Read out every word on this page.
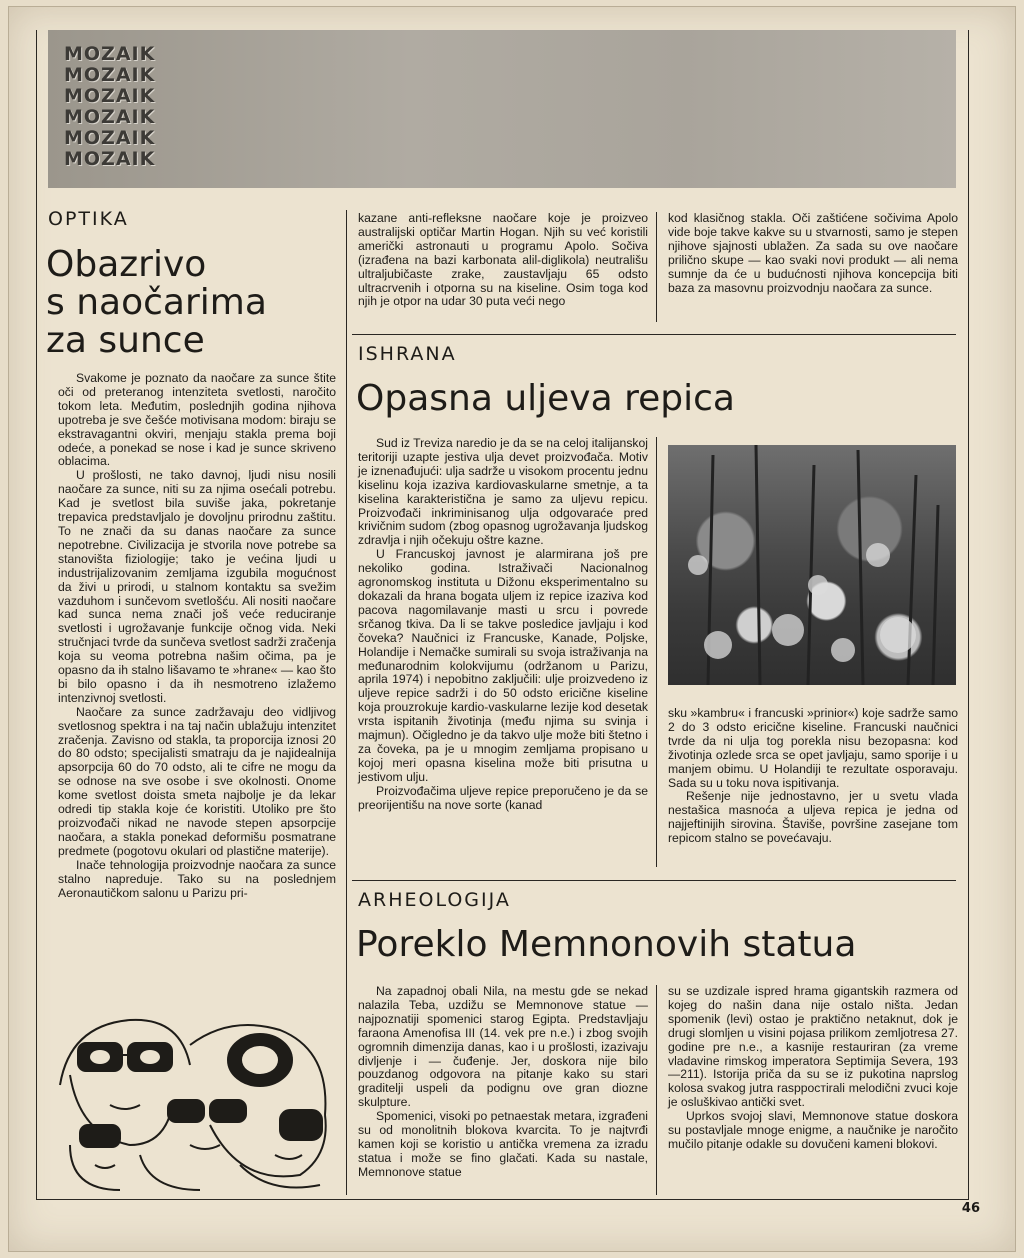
MOZAIK
MOZAIK
MOZAIK
MOZAIK
MOZAIK
MOZAIK
OPTIKA
Obazrivo
s naočarima
za sunce

Svakome je poznato da naočare za sunce štite oči od preteranog intenziteta svetlosti, naročito tokom leta. Međutim, poslednjih godina njihova upotreba je sve češće motivisana modom: biraju se ekstravagantni okviri, menjaju stakla prema boji odeće, a ponekad se nose i kad je sunce skriveno oblacima.

U prošlosti, ne tako davnoj, ljudi nisu nosili naočare za sunce, niti su za njima osećali potrebu. Kad je svetlost bila suviše jaka, pokretanje trepavica predstavljalo je dovoljnu prirodnu zaštitu. To ne znači da su danas naočare za sunce nepotrebne. Civilizacija je stvorila nove potrebe sa stanovišta fiziologije; tako je većina ljudi u industrijalizovanim zemljama izgubila mogućnost da živi u prirodi, u stalnom kontaktu sa svežim vazduhom i sunčevom svetlošću. Ali nositi naočare kad sunca nema znači još veće reduciranje svetlosti i ugrožavanje funkcije očnog vida. Neki stručnjaci tvrde da sunčeva svetlost sadrži zračenja koja su veoma potrebna našim očima, pa je opasno da ih stalno lišavamo te »hrane« — kao što bi bilo opasno i da ih nesmotreno izlažemo intenzivnoj svetlosti.

Naočare za sunce zadržavaju deo vidljivog svetlosnog spektra i na taj način ublažuju intenzitet zračenja. Zavisno od stakla, ta proporcija iznosi 20 do 80 odsto; specijalisti smatraju da je najidealnija apsorpcija 60 do 70 odsto, ali te cifre ne mogu da se odnose na sve osobe i sve okolnosti. Onome kome svetlost doista smeta najbolje je da lekar odredi tip stakla koje će koristiti. Utoliko pre što proizvođači nikad ne navode stepen apsorpcije naočara, a stakla ponekad deformišu posmatrane predmete (pogotovu okulari od plastične materije).

Inače tehnologija proizvodnje naočara za sunce stalno napreduje. Tako su na poslednjem Aeronautičkom salonu u Parizu pri-

kazane anti-refleksne naočare koje je proizveo australijski optičar Martin Hogan. Njih su već koristili američki astronauti u programu Apolo. Sočiva (izrađena na bazi karbonata alil-diglikola) neutrališu ultraljubičaste zrake, zaustavljaju 65 odsto ultracrvenih i otporna su na kiseline. Osim toga kod njih je otpor na udar 30 puta veći nego

kod klasičnog stakla. Oči zaštićene sočivima Apolo vide boje takve kakve su u stvarnosti, samo je stepen njihove sjajnosti ublažen. Za sada su ove naočare prilično skupe — kao svaki novi produkt — ali nema sumnje da će u budućnosti njihova koncepcija biti baza za masovnu proizvodnju naočara za sunce.

ISHRANA
Opasna uljeva repica

Sud iz Treviza naredio je da se na celoj italijanskoj teritoriji uzapte jestiva ulja devet proizvođača. Motiv je iznenađujući: ulja sadrže u visokom procentu jednu kiselinu koja izaziva kardiovaskularne smetnje, a ta kiselina karakteristična je samo za uljevu repicu. Proizvođači inkriminisanog ulja odgovaraće pred krivičnim sudom (zbog opasnog ugrožavanja ljudskog zdravlja i njih očekuju oštre kazne.

U Francuskoj javnost je alarmirana još pre nekoliko godina. Istraživači Nacionalnog agronomskog instituta u Dižonu eksperimentalno su dokazali da hrana bogata uljem iz repice izaziva kod pacova nagomilavanje masti u srcu i povrede srčanog tkiva. Da li se takve posledice javljaju i kod čoveka? Naučnici iz Francuske, Kanade, Poljske, Holandije i Nemačke sumirali su svoja istraživanja na međunarodnim kolokvijumu (održanom u Parizu, aprila 1974) i nepobitno zaključili: ulje proizvedeno iz uljeve repice sadrži i do 50 odsto ericične kiseline koja prouzrokuje kardio-vaskularne lezije kod desetak vrsta ispitanih životinja (među njima su svinja i majmun). Očigledno je da takvo ulje može biti štetno i za čoveka, pa je u mnogim zemljama propisano u kojoj meri opasna kiselina može biti prisutna u jestivom ulju.

Proizvođačima uljeve repice preporučeno je da se preorijentišu na nove sorte (kanad

sku »kambru« i francuski »prinior«) koje sadrže samo 2 do 3 odsto ericične kiseline. Francuski naučnici tvrde da ni ulja tog porekla nisu bezopasna: kod životinja ozlede srca se opet javljaju, samo sporije i u manjem obimu. U Holandiji te rezultate osporavaju. Sada su u toku nova ispitivanja.

Rešenje nije jednostavno, jer u svetu vlada nestašica masnoća a ulјeva repica je jedna od najjeftinijih sirovina. Štaviše, površine zasejane tom repicom stalno se povećavaju.

ARHEOLOGIJA
Poreklo Memnonovih statua

Na zapadnoj obali Nila, na mestu gde se nekad nalazila Teba, uzdižu se Memnonove statue — najpoznatiji spomenici starog Egipta. Predstavljaju faraona Amenofisa III (14. vek pre n.e.) i zbog svojih ogromnih dimenzija danas, kao i u prošlosti, izazivaju divljenje i — čuđenje. Jer, doskora nije bilo pouzdanog odgovora na pitanje kako su stari graditelji uspeli da podignu ove gran diozne skulpture.

Spomenici, visoki po petnaestak metara, izgrađeni su od monolitnih blokova kvarcita. To je najtvrđi kamen koji se koristio u antička vremena za izradu statua i može se fino glačati. Kada su nastale, Memnonove statue

su se uzdizale ispred hrama gigantskih razmera od kojeg do našin dana nije ostalo ništa. Jedan spomenik (levi) ostao je praktično netaknut, dok je drugi slomljen u visini pojasa prilikom zemljotresa 27. godine pre n.e., a kasnije restauriran (za vreme vladavine rimskog imperatora Septimija Severa, 193—211). Istorija priča da su se iz pukotina naprslog kolosa svakog jutra raspростirali melodični zvuci koje je osluškivao antički svet.

Uprkos svojoj slavi, Memnonove statue doskora su postavljale mnoge enigme, a naučnike je naročito mučilo pitanje odakle su dovučeni kameni blokovi.

46
